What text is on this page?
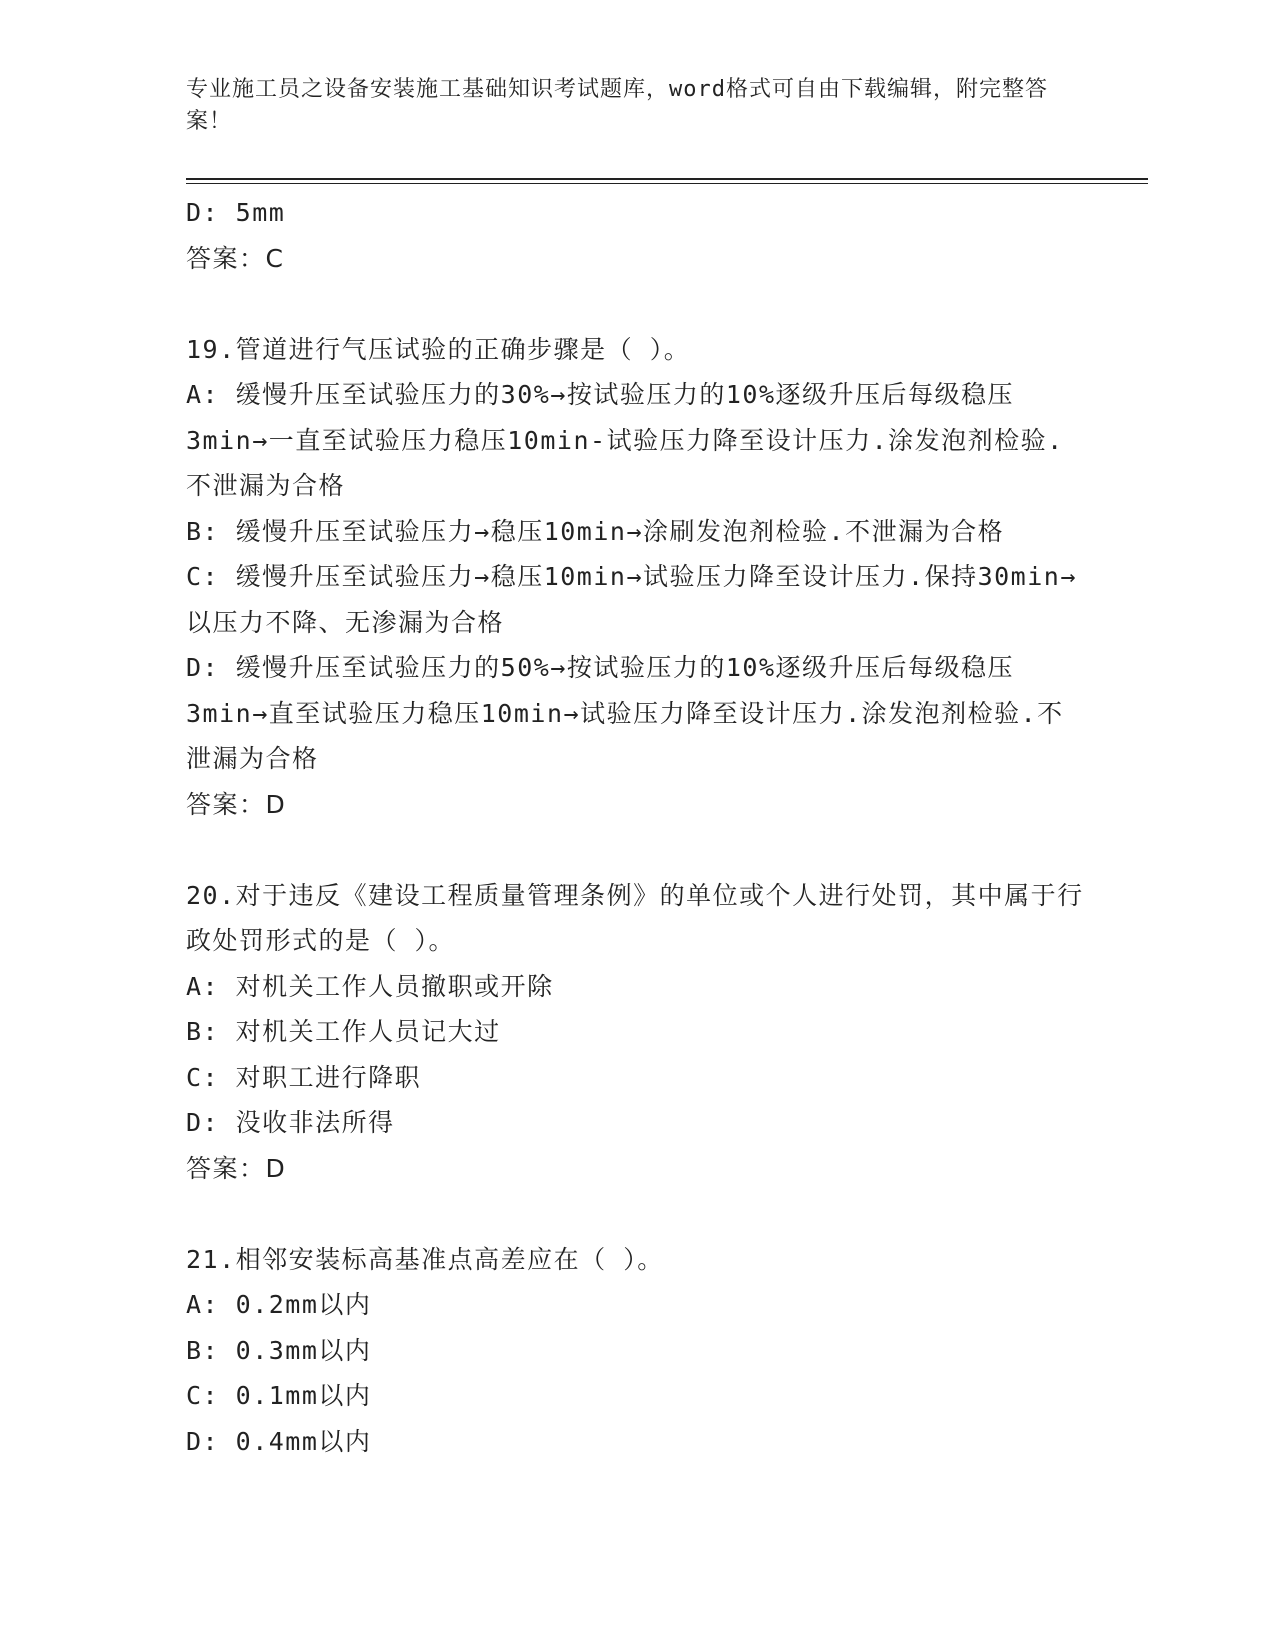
专业施工员之设备安装施工基础知识考试题库，word格式可自由下载编辑，附完整答案！

D: 5mm

答案：C

19.管道进行气压试验的正确步骤是（ ）。

A: 缓慢升压至试验压力的30%→按试验压力的10%逐级升压后每级稳压3min→一直至试验压力稳压10min-试验压力降至设计压力.涂发泡剂检验.不泄漏为合格

B: 缓慢升压至试验压力→稳压10min→涂刷发泡剂检验.不泄漏为合格

C: 缓慢升压至试验压力→稳压10min→试验压力降至设计压力.保持30min→以压力不降、无渗漏为合格

D: 缓慢升压至试验压力的50%→按试验压力的10%逐级升压后每级稳压3min→直至试验压力稳压10min→试验压力降至设计压力.涂发泡剂检验.不泄漏为合格

答案：D

20.对于违反《建设工程质量管理条例》的单位或个人进行处罚，其中属于行政处罚形式的是（ ）。

A: 对机关工作人员撤职或开除

B: 对机关工作人员记大过

C: 对职工进行降职

D: 没收非法所得

答案：D

21.相邻安装标高基准点高差应在（ ）。

A: 0.2mm以内

B: 0.3mm以内

C: 0.1mm以内

D: 0.4mm以内
